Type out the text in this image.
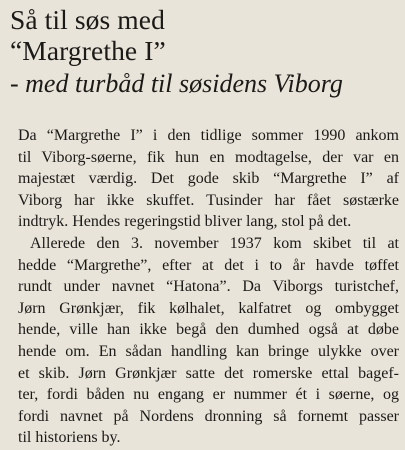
Så til søs med
“Margrethe I”
- med turbåd til søsidens Viborg

Da “Margrethe I” i den tidlige sommer 1990 ankom
til Viborg-søerne, fik hun en modtagelse, der var en
majestæt værdig. Det gode skib “Margrethe I” af
Viborg har ikke skuffet. Tusinder har fået søstærke
indtryk. Hendes regeringstid bliver lang, stol på det.

Allerede den 3. november 1937 kom skibet til at
hedde “Margrethe”, efter at det i to år havde tøffet
rundt under navnet “Hatona”. Da Viborgs turistchef,
Jørn Grønkjær, fik kølhalet, kalfatret og ombygget
hende, ville han ikke begå den dumhed også at døbe
hende om. En sådan handling kan bringe ulykke over
et skib. Jørn Grønkjær satte det romerske ettal bagef-
ter, fordi båden nu engang er nummer ét i søerne, og
fordi navnet på Nordens dronning så fornemt passer
til historiens by.
